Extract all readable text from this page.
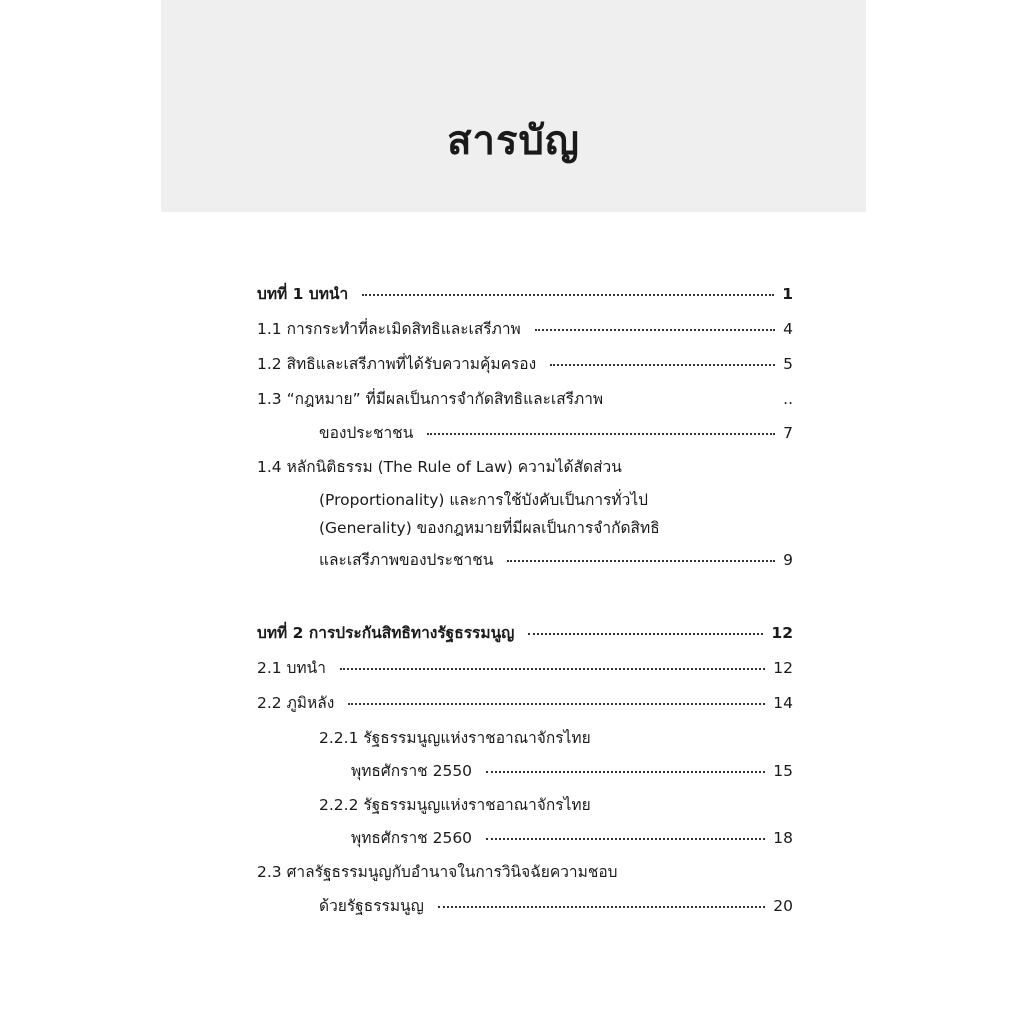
สารบัญ
บทที่ 1 บทนำ	1
1.1 การกระทำที่ละเมิดสิทธิและเสรีภาพ	4
1.2 สิทธิและเสรีภาพที่ได้รับความคุ้มครอง	5
1.3 “กฎหมาย” ที่มีผลเป็นการจำกัดสิทธิและเสรีภาพ	..
ของประชาชน	7
1.4 หลักนิติธรรม (The Rule of Law) ความได้สัดส่วน
(Proportionality) และการใช้บังคับเป็นการทั่วไป
(Generality) ของกฎหมายที่มีผลเป็นการจำกัดสิทธิ
และเสรีภาพของประชาชน	9
บทที่ 2 การประกันสิทธิทางรัฐธรรมนูญ	12
2.1 บทนำ	12
2.2 ภูมิหลัง	14
2.2.1 รัฐธรรมนูญแห่งราชอาณาจักรไทย
พุทธศักราช 2550	15
2.2.2 รัฐธรรมนูญแห่งราชอาณาจักรไทย
พุทธศักราช 2560	18
2.3 ศาลรัฐธรรมนูญกับอำนาจในการวินิจฉัยความชอบ
ด้วยรัฐธรรมนูญ	20
